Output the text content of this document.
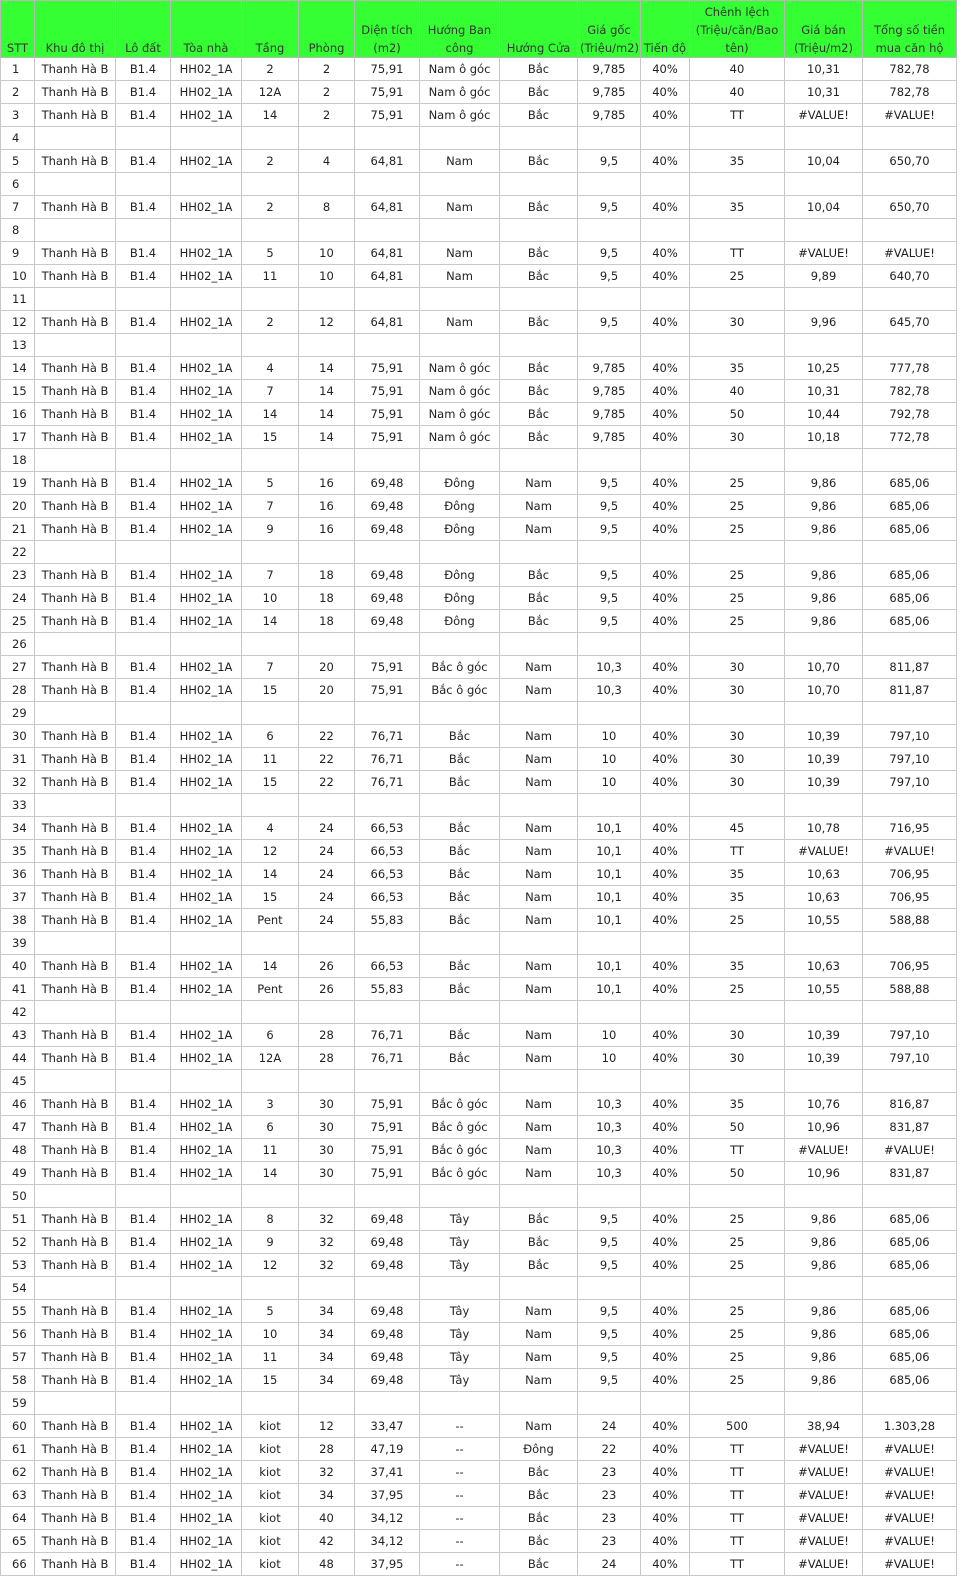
STT	Khu đô thị	Lô đất	Tòa nhà	Tầng	Phòng	Diện tích (m2)	Hướng Ban công	Hướng Cửa	Giá gốc (Triệu/m2)	Tiến độ	Chênh lệch (Triệu/căn/Bao tên)	Giá bán (Triệu/m2)	Tổng số tiền mua căn hộ
1	Thanh Hà B	B1.4	HH02_1A	2	2	75,91	Nam ô góc	Bắc	9,785	40%	40	10,31	782,78
2	Thanh Hà B	B1.4	HH02_1A	12A	2	75,91	Nam ô góc	Bắc	9,785	40%	40	10,31	782,78
3	Thanh Hà B	B1.4	HH02_1A	14	2	75,91	Nam ô góc	Bắc	9,785	40%	TT	#VALUE!	#VALUE!
4													
5	Thanh Hà B	B1.4	HH02_1A	2	4	64,81	Nam	Bắc	9,5	40%	35	10,04	650,70
6													
7	Thanh Hà B	B1.4	HH02_1A	2	8	64,81	Nam	Bắc	9,5	40%	35	10,04	650,70
8													
9	Thanh Hà B	B1.4	HH02_1A	5	10	64,81	Nam	Bắc	9,5	40%	TT	#VALUE!	#VALUE!
10	Thanh Hà B	B1.4	HH02_1A	11	10	64,81	Nam	Bắc	9,5	40%	25	9,89	640,70
11													
12	Thanh Hà B	B1.4	HH02_1A	2	12	64,81	Nam	Bắc	9,5	40%	30	9,96	645,70
13													
14	Thanh Hà B	B1.4	HH02_1A	4	14	75,91	Nam ô góc	Bắc	9,785	40%	35	10,25	777,78
15	Thanh Hà B	B1.4	HH02_1A	7	14	75,91	Nam ô góc	Bắc	9,785	40%	40	10,31	782,78
16	Thanh Hà B	B1.4	HH02_1A	14	14	75,91	Nam ô góc	Bắc	9,785	40%	50	10,44	792,78
17	Thanh Hà B	B1.4	HH02_1A	15	14	75,91	Nam ô góc	Bắc	9,785	40%	30	10,18	772,78
18													
19	Thanh Hà B	B1.4	HH02_1A	5	16	69,48	Đông	Nam	9,5	40%	25	9,86	685,06
20	Thanh Hà B	B1.4	HH02_1A	7	16	69,48	Đông	Nam	9,5	40%	25	9,86	685,06
21	Thanh Hà B	B1.4	HH02_1A	9	16	69,48	Đông	Nam	9,5	40%	25	9,86	685,06
22													
23	Thanh Hà B	B1.4	HH02_1A	7	18	69,48	Đông	Bắc	9,5	40%	25	9,86	685,06
24	Thanh Hà B	B1.4	HH02_1A	10	18	69,48	Đông	Bắc	9,5	40%	25	9,86	685,06
25	Thanh Hà B	B1.4	HH02_1A	14	18	69,48	Đông	Bắc	9,5	40%	25	9,86	685,06
26													
27	Thanh Hà B	B1.4	HH02_1A	7	20	75,91	Bắc ô góc	Nam	10,3	40%	30	10,70	811,87
28	Thanh Hà B	B1.4	HH02_1A	15	20	75,91	Bắc ô góc	Nam	10,3	40%	30	10,70	811,87
29													
30	Thanh Hà B	B1.4	HH02_1A	6	22	76,71	Bắc	Nam	10	40%	30	10,39	797,10
31	Thanh Hà B	B1.4	HH02_1A	11	22	76,71	Bắc	Nam	10	40%	30	10,39	797,10
32	Thanh Hà B	B1.4	HH02_1A	15	22	76,71	Bắc	Nam	10	40%	30	10,39	797,10
33													
34	Thanh Hà B	B1.4	HH02_1A	4	24	66,53	Bắc	Nam	10,1	40%	45	10,78	716,95
35	Thanh Hà B	B1.4	HH02_1A	12	24	66,53	Bắc	Nam	10,1	40%	TT	#VALUE!	#VALUE!
36	Thanh Hà B	B1.4	HH02_1A	14	24	66,53	Bắc	Nam	10,1	40%	35	10,63	706,95
37	Thanh Hà B	B1.4	HH02_1A	15	24	66,53	Bắc	Nam	10,1	40%	35	10,63	706,95
38	Thanh Hà B	B1.4	HH02_1A	Pent	24	55,83	Bắc	Nam	10,1	40%	25	10,55	588,88
39													
40	Thanh Hà B	B1.4	HH02_1A	14	26	66,53	Bắc	Nam	10,1	40%	35	10,63	706,95
41	Thanh Hà B	B1.4	HH02_1A	Pent	26	55,83	Bắc	Nam	10,1	40%	25	10,55	588,88
42													
43	Thanh Hà B	B1.4	HH02_1A	6	28	76,71	Bắc	Nam	10	40%	30	10,39	797,10
44	Thanh Hà B	B1.4	HH02_1A	12A	28	76,71	Bắc	Nam	10	40%	30	10,39	797,10
45													
46	Thanh Hà B	B1.4	HH02_1A	3	30	75,91	Bắc ô góc	Nam	10,3	40%	35	10,76	816,87
47	Thanh Hà B	B1.4	HH02_1A	6	30	75,91	Bắc ô góc	Nam	10,3	40%	50	10,96	831,87
48	Thanh Hà B	B1.4	HH02_1A	11	30	75,91	Bắc ô góc	Nam	10,3	40%	TT	#VALUE!	#VALUE!
49	Thanh Hà B	B1.4	HH02_1A	14	30	75,91	Bắc ô góc	Nam	10,3	40%	50	10,96	831,87
50													
51	Thanh Hà B	B1.4	HH02_1A	8	32	69,48	Tây	Bắc	9,5	40%	25	9,86	685,06
52	Thanh Hà B	B1.4	HH02_1A	9	32	69,48	Tây	Bắc	9,5	40%	25	9,86	685,06
53	Thanh Hà B	B1.4	HH02_1A	12	32	69,48	Tây	Bắc	9,5	40%	25	9,86	685,06
54													
55	Thanh Hà B	B1.4	HH02_1A	5	34	69,48	Tây	Nam	9,5	40%	25	9,86	685,06
56	Thanh Hà B	B1.4	HH02_1A	10	34	69,48	Tây	Nam	9,5	40%	25	9,86	685,06
57	Thanh Hà B	B1.4	HH02_1A	11	34	69,48	Tây	Nam	9,5	40%	25	9,86	685,06
58	Thanh Hà B	B1.4	HH02_1A	15	34	69,48	Tây	Nam	9,5	40%	25	9,86	685,06
59													
60	Thanh Hà B	B1.4	HH02_1A	kiot	12	33,47	--	Nam	24	40%	500	38,94	1.303,28
61	Thanh Hà B	B1.4	HH02_1A	kiot	28	47,19	--	Đông	22	40%	TT	#VALUE!	#VALUE!
62	Thanh Hà B	B1.4	HH02_1A	kiot	32	37,41	--	Bắc	23	40%	TT	#VALUE!	#VALUE!
63	Thanh Hà B	B1.4	HH02_1A	kiot	34	37,95	--	Bắc	23	40%	TT	#VALUE!	#VALUE!
64	Thanh Hà B	B1.4	HH02_1A	kiot	40	34,12	--	Bắc	23	40%	TT	#VALUE!	#VALUE!
65	Thanh Hà B	B1.4	HH02_1A	kiot	42	34,12	--	Bắc	23	40%	TT	#VALUE!	#VALUE!
66	Thanh Hà B	B1.4	HH02_1A	kiot	48	37,95	--	Bắc	24	40%	TT	#VALUE!	#VALUE!
